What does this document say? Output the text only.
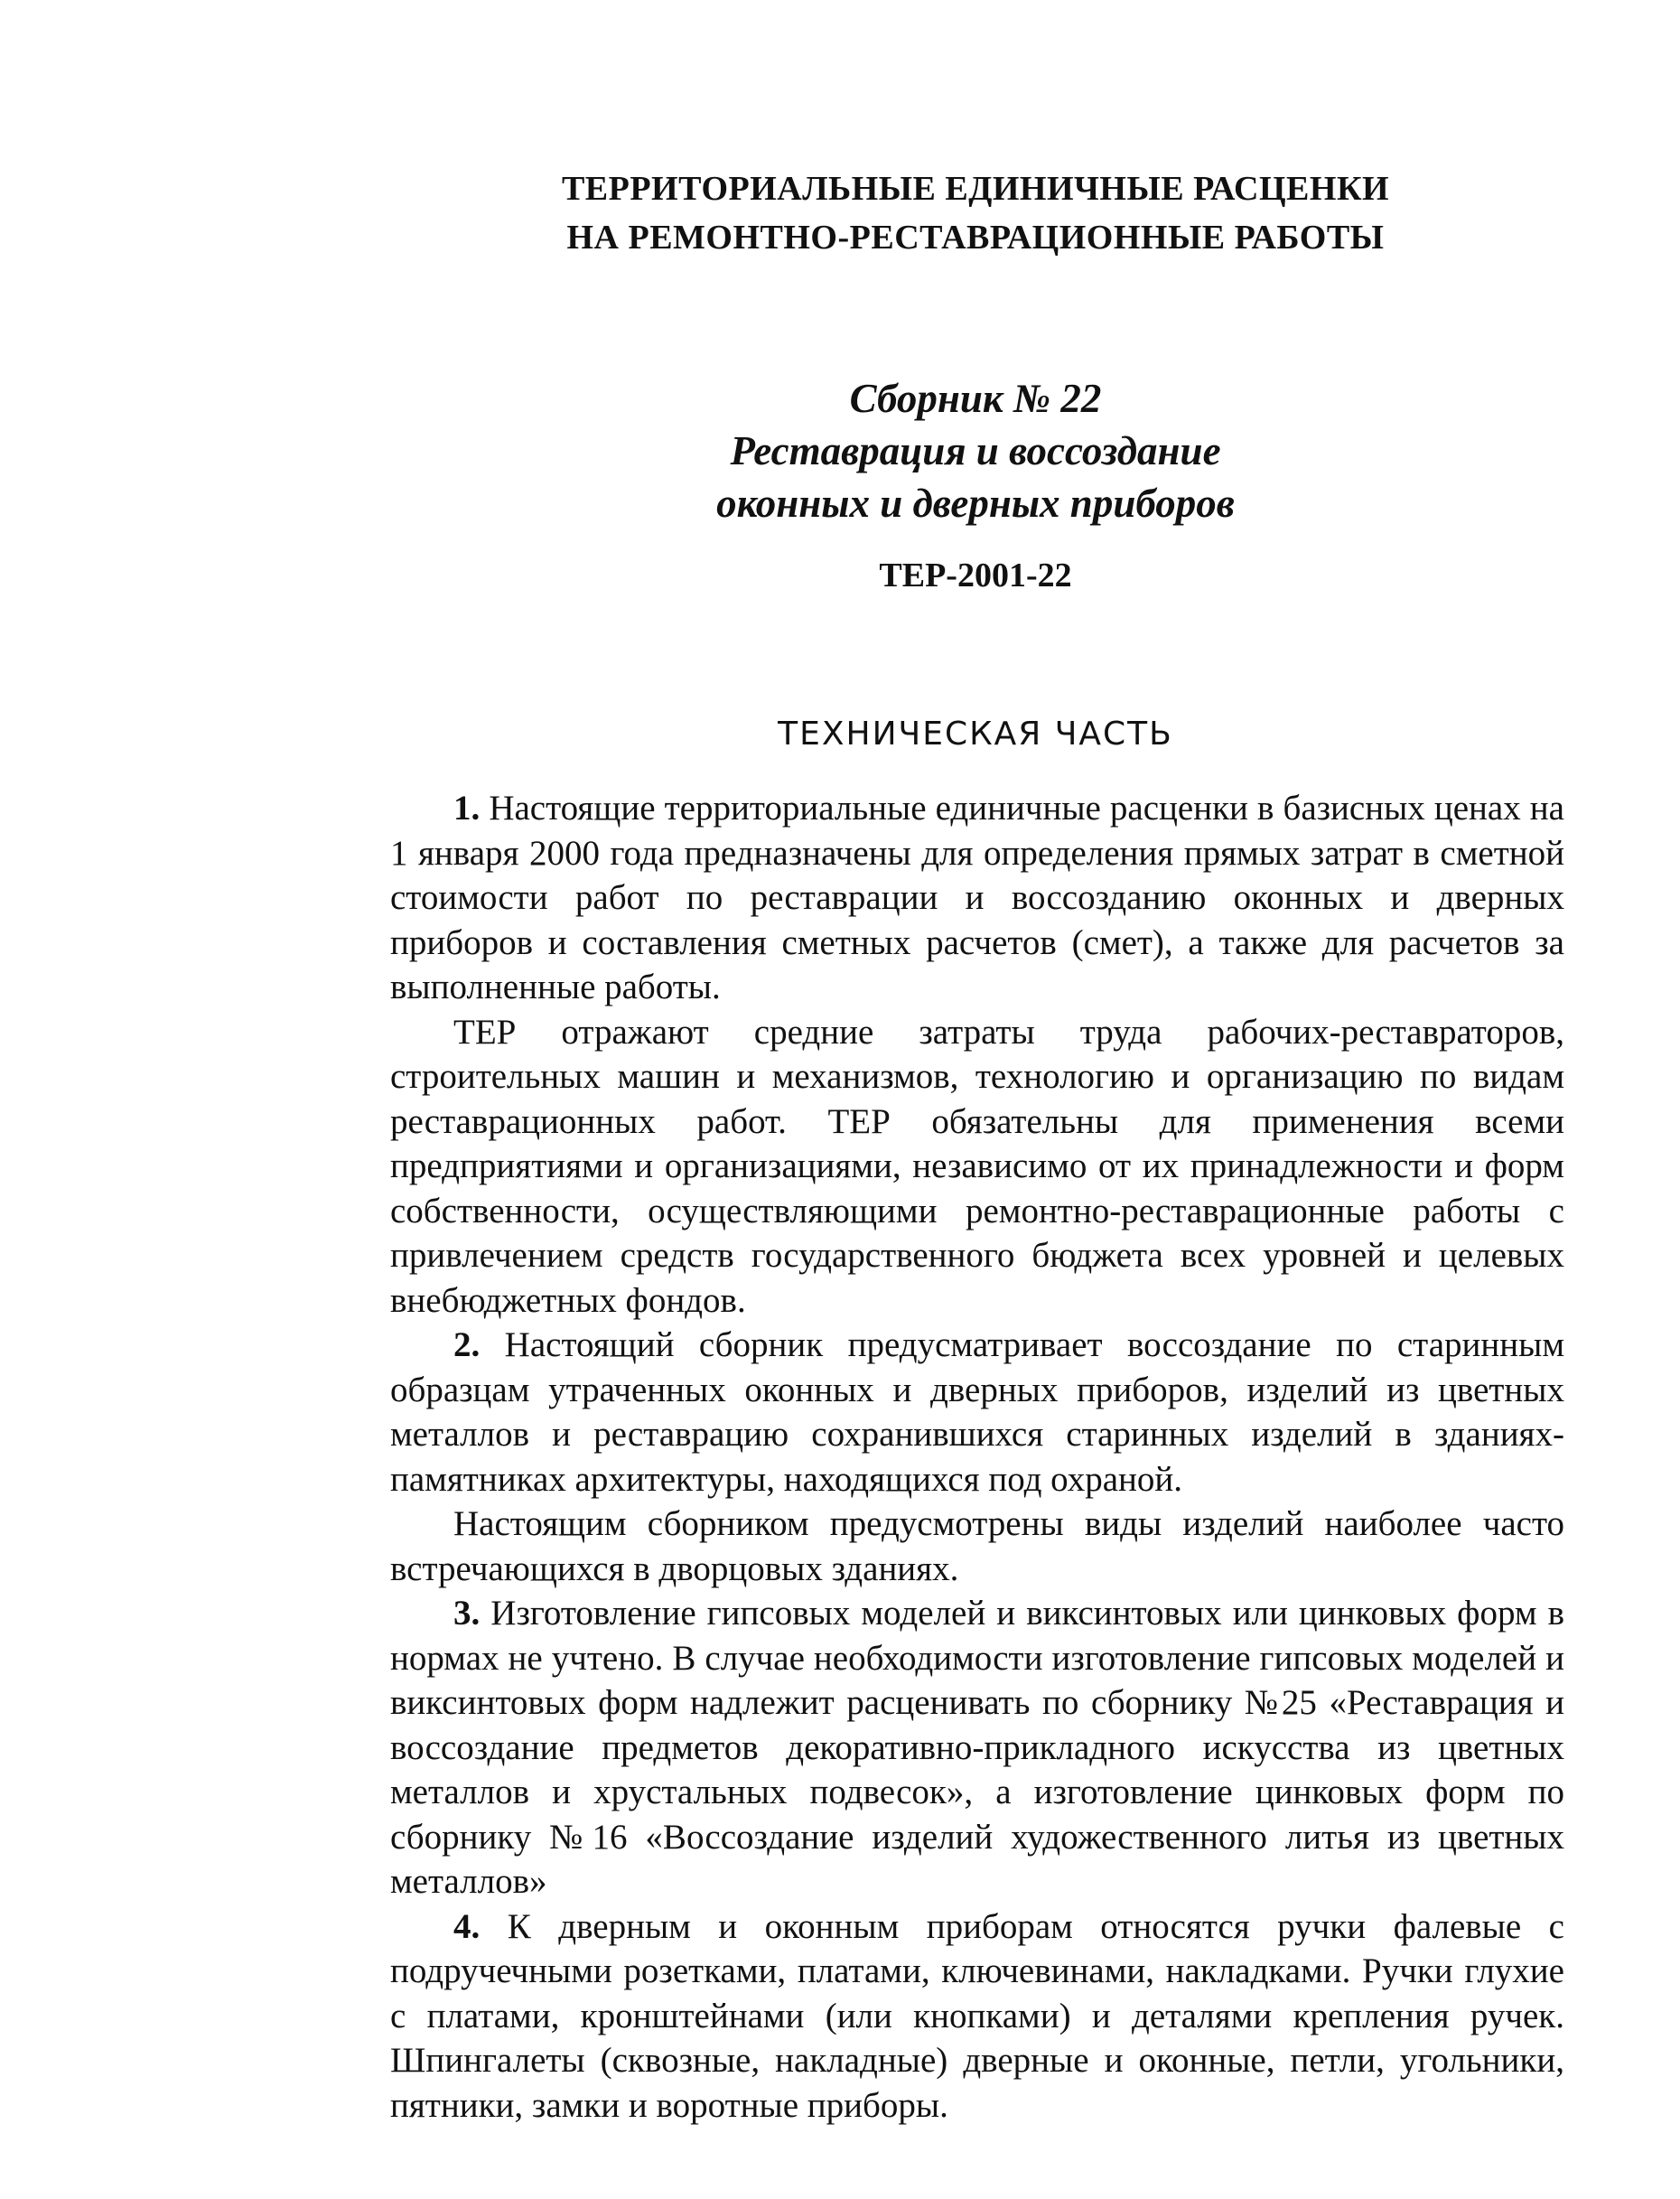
ТЕРРИТОРИАЛЬНЫЕ ЕДИНИЧНЫЕ РАСЦЕНКИ
НА РЕМОНТНО-РЕСТАВРАЦИОННЫЕ РАБОТЫ
Сборник № 22
Реставрация и воссоздание
оконных и дверных приборов
ТЕР-2001-22
ТЕХНИЧЕСКАЯ ЧАСТЬ

1. Настоящие территориальные единичные расценки в базисных ценах на 1 января 2000 года предназначены для определения прямых затрат в сметной стоимости работ по реставрации и воссозданию оконных и дверных приборов и составления сметных расчетов (смет), а также для расчетов за выполненные работы.

ТЕР отражают средние затраты труда рабочих-реставраторов, строительных машин и механизмов, технологию и организацию по видам реставрационных работ. ТЕР обязательны для применения всеми предприятиями и организациями, независимо от их принадлежности и форм собственности, осуществляющими ремонтно-реставрационные работы с привлечением средств государственного бюджета всех уровней и целевых внебюджетных фондов.

2. Настоящий сборник предусматривает воссоздание по старинным образцам утраченных оконных и дверных приборов, изделий из цветных металлов и реставрацию сохранившихся старинных изделий в зданиях-памятниках архитектуры, находящихся под охраной.

Настоящим сборником предусмотрены виды изделий наиболее часто встречающихся в дворцовых зданиях.

3. Изготовление гипсовых моделей и виксинтовых или цинковых форм в нормах не учтено. В случае необходимости изготовление гипсовых моделей и виксинтовых форм надлежит расценивать по сборнику №25 «Реставрация и воссоздание предметов декоративно-прикладного искусства из цветных металлов и хрустальных подвесок», а изготовление цинковых форм по сборнику №16 «Воссоздание изделий художественного литья из цветных металлов»

4. К дверным и оконным приборам относятся ручки фалевые с подручечными розетками, платами, ключевинами, накладками. Ручки глухие с платами, кронштейнами (или кнопками) и деталями крепления ручек. Шпингалеты (сквозные, накладные) дверные и оконные, петли, угольники, пятники, замки и воротные приборы.
